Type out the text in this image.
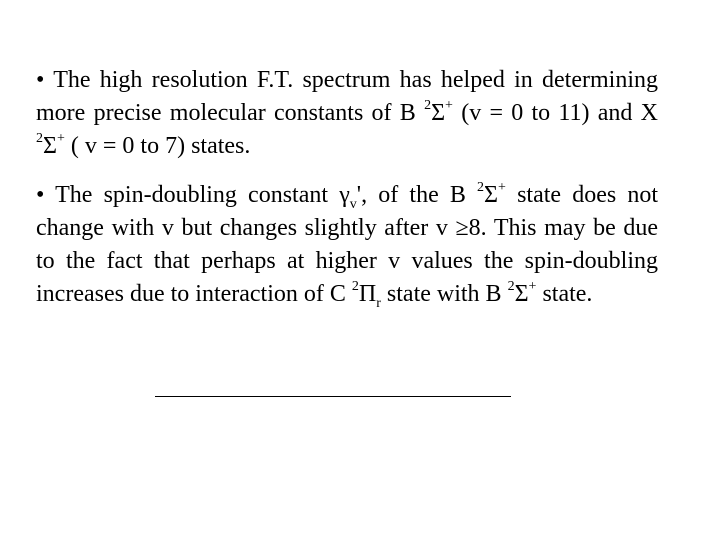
• The high resolution F.T. spectrum has helped in determining more precise molecular constants of B $^2$Σ+ (v = 0 to 11) and X $^2$Σ+ ( v = 0 to 7) states.

• The spin-doubling constant $\gamma_v'$, of the B $^2$Σ+ state does not change with v but changes slightly after v ≥8. This may be due to the fact that perhaps at higher v values the spin-doubling increases due to interaction of C $^2\Pi_r$ state with B $^2$Σ+ state.
